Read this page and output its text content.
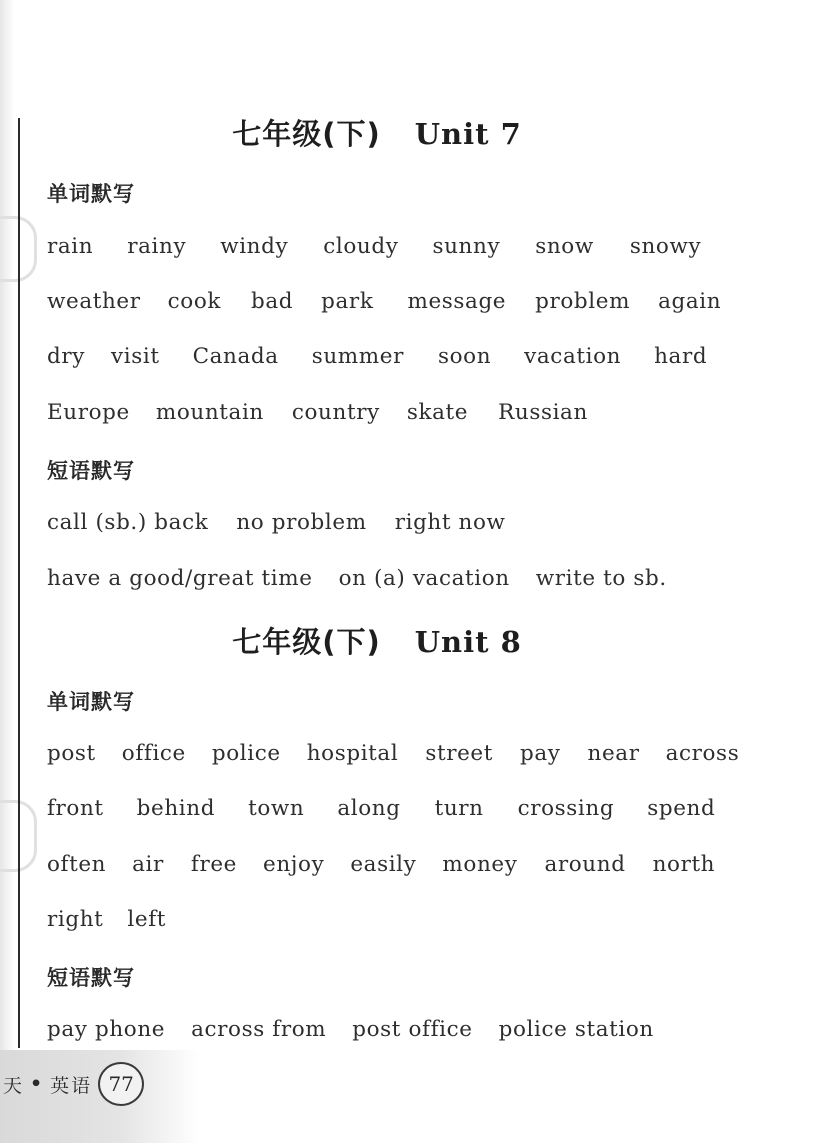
七年级(下) Unit 7
单词默写
rain rainy windy cloudy sunny snow snowy
weather cook bad park message problem again
dry visit Canada summer soon vacation hard
Europe mountain country skate Russian
短语默写
call (sb.) back no problem right now
have a good/great time on (a) vacation write to sb.
七年级(下) Unit 8
单词默写
post office police hospital street pay near across
front behind town along turn crossing spend
often air free enjoy easily money around north
right left
短语默写
pay phone across from post office police station
天 • 英语 77
